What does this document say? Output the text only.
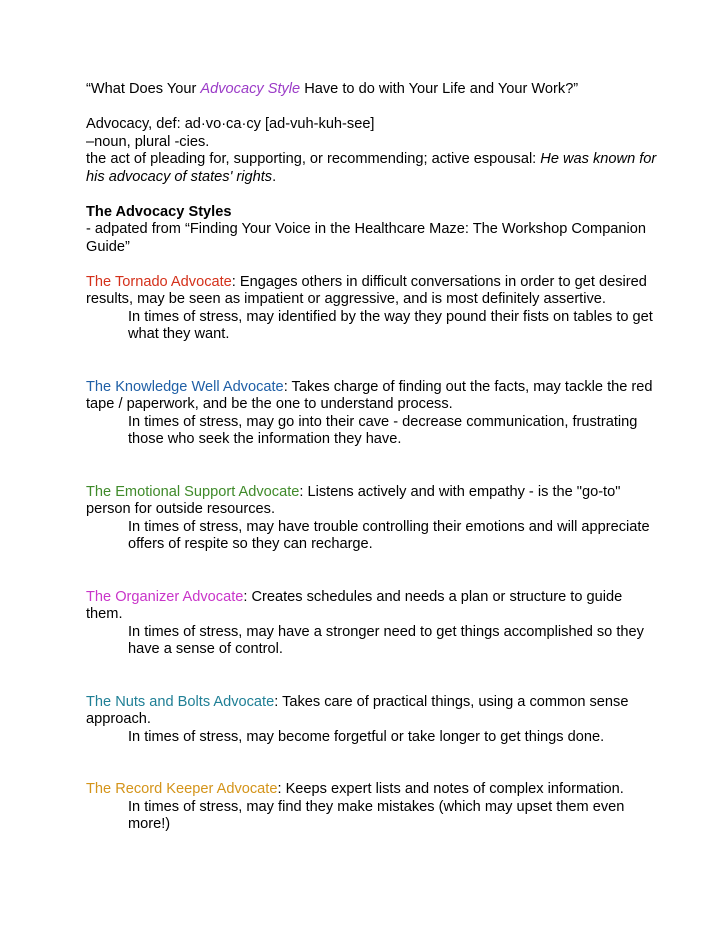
“What Does Your Advocacy Style Have to do with Your Life and Your Work?”

Advocacy, def: ad·vo·ca·cy [ad-vuh-kuh-see]

–noun, plural -cies.

the act of pleading for, supporting, or recommending; active espousal: He was known for his advocacy of states' rights.

The Advocacy Styles

- adpated from “Finding Your Voice in the Healthcare Maze: The Workshop Companion Guide”

The Tornado Advocate: Engages others in difficult conversations in order to get desired results, may be seen as impatient or aggressive, and is most definitely assertive.

In times of stress, may identified by the way they pound their fists on tables to get what they want.

The Knowledge Well Advocate: Takes charge of finding out the facts, may tackle the red tape / paperwork, and be the one to understand process.

In times of stress, may go into their cave - decrease communication, frustrating those who seek the information they have.

The Emotional Support Advocate: Listens actively and with empathy - is the "go-to" person for outside resources.

In times of stress, may have trouble controlling their emotions and will appreciate offers of respite so they can recharge.

The Organizer Advocate: Creates schedules and needs a plan or structure to guide them.

In times of stress, may have a stronger need to get things accomplished so they have a sense of control.

The Nuts and Bolts Advocate: Takes care of practical things, using a common sense approach.

In times of stress, may become forgetful or take longer to get things done.

The Record Keeper Advocate: Keeps expert lists and notes of complex information.

In times of stress, may find they make mistakes (which may upset them even more!)
